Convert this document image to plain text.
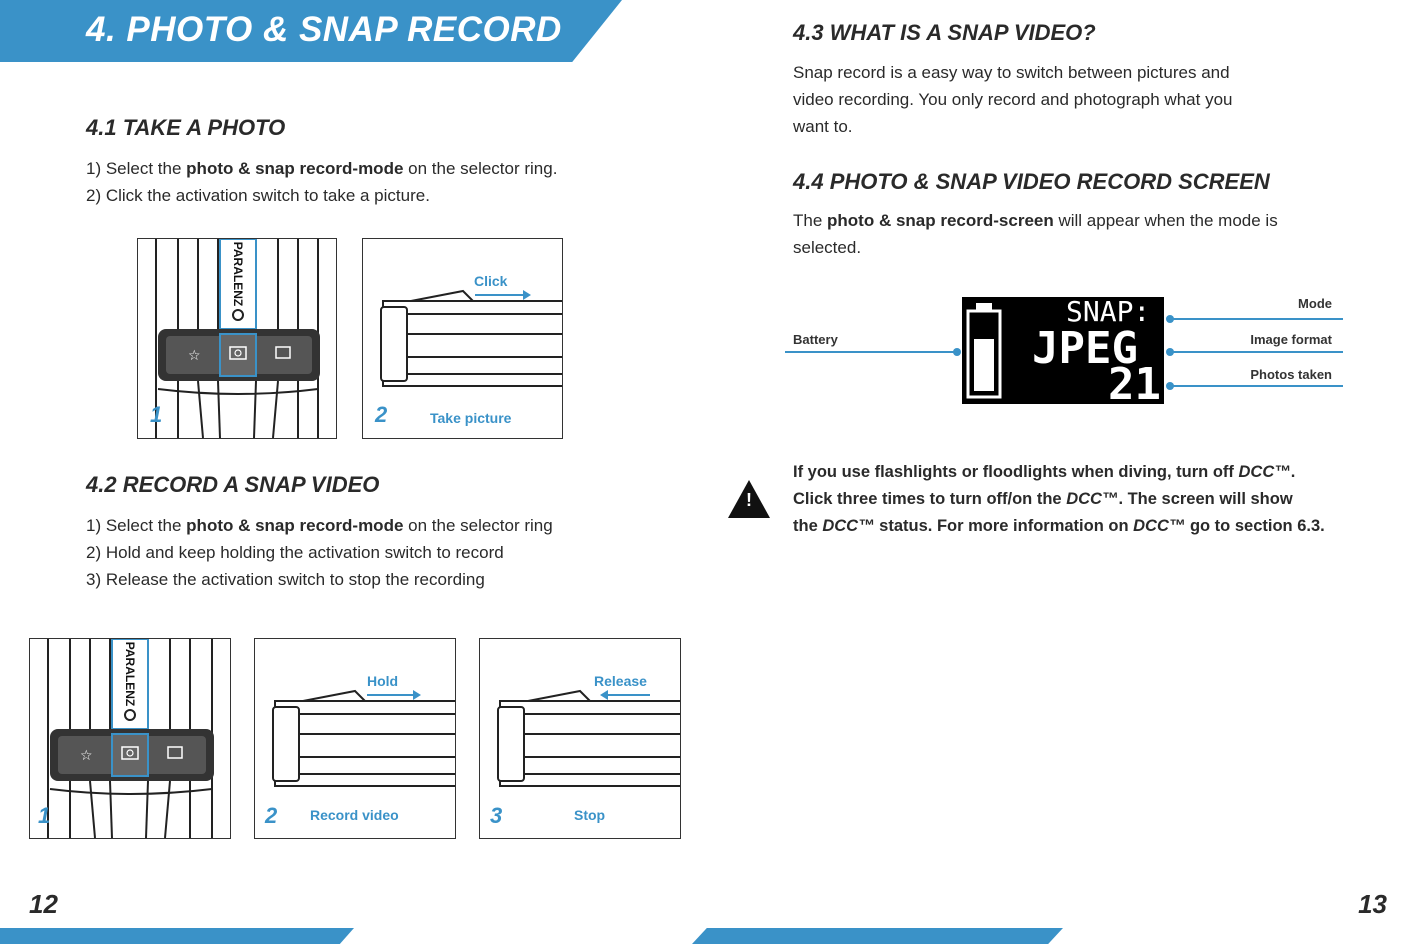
4. PHOTO & SNAP RECORD
4.1 TAKE A PHOTO
1) Select the photo & snap record-mode on the selector ring.
2) Click the activation switch to take a picture.
☆
PARALENZ
1
Click
2	Take picture
4.2 RECORD A SNAP VIDEO
1) Select the photo & snap record-mode on the selector ring
2) Hold and keep holding the activation switch to record
3) Release the activation switch to stop the recording
☆
PARALENZ
1
Hold
2 Record video
Release
3	Stop
4.3 WHAT IS A SNAP VIDEO?
Snap record is a easy way to switch between pictures and
video recording. You only record and photograph what you
want to.
4.4 PHOTO & SNAP VIDEO RECORD SCREEN
The photo & snap record-screen will appear when the mode is
selected.
SNAP:
JPEG
21
Battery
Mode
Image format
Photos taken
!
If you use flashlights or floodlights when diving, turn off DCC™.
Click three times to turn off/on the DCC™. The screen will show
the DCC™ status. For more information on DCC™ go to section 6.3.
12	13
